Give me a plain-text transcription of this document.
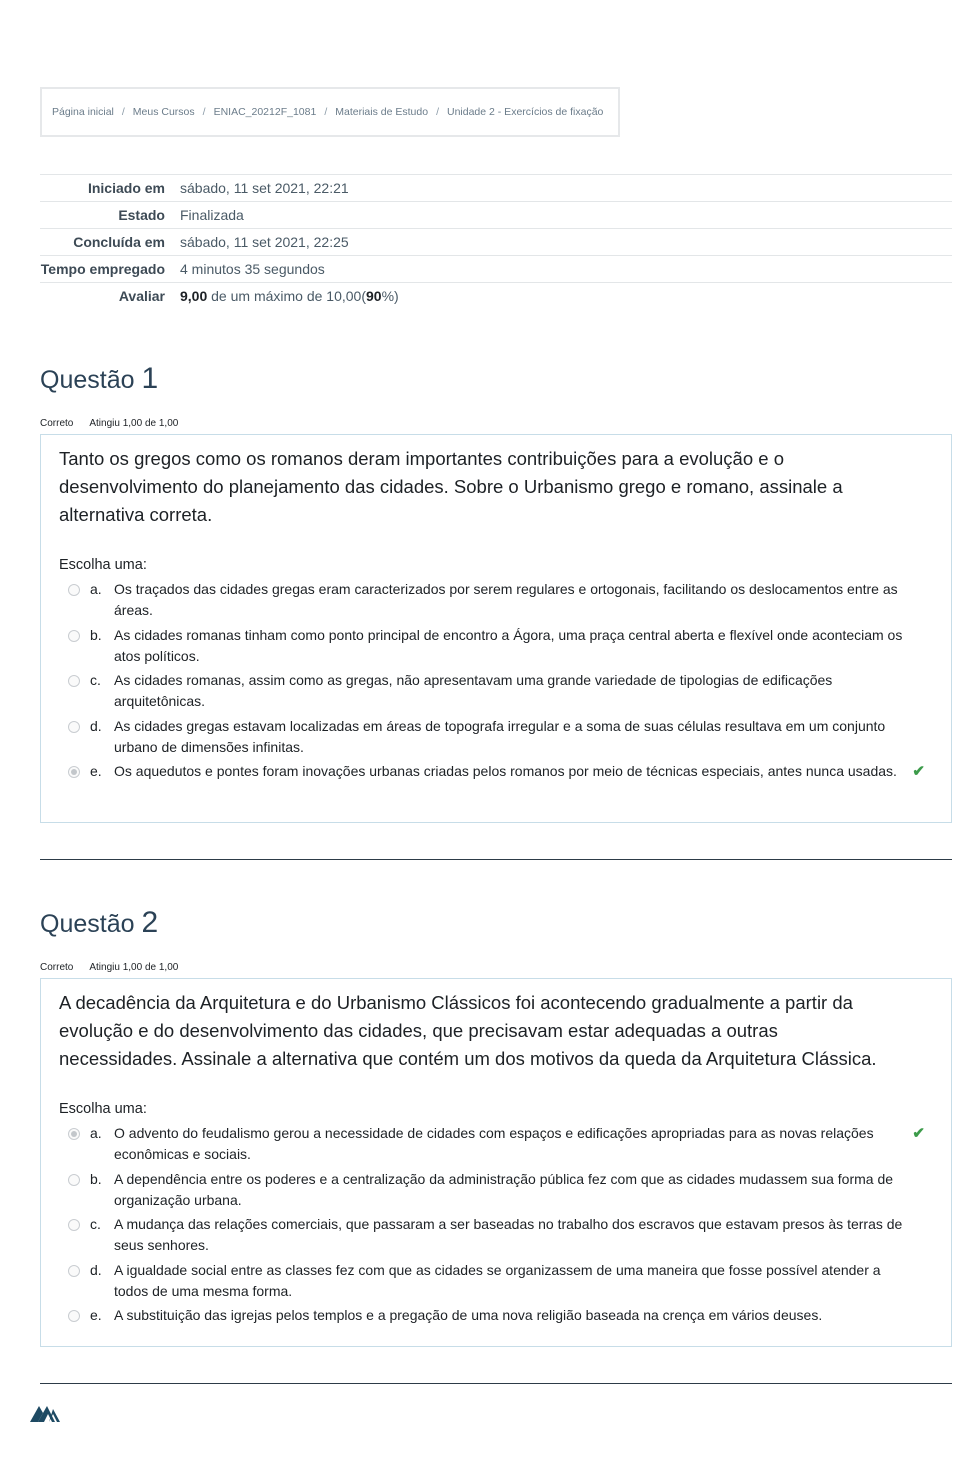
Página inicial / Meus Cursos / ENIAC_20212F_1081 / Materiais de Estudo / Unidade 2 - Exercícios de fixação
Iniciado em	sábado, 11 set 2021, 22:21
Estado	Finalizada
Concluída em	sábado, 11 set 2021, 22:25
Tempo empregado	4 minutos 35 segundos
Avaliar	9,00 de um máximo de 10,00(90%)
Questão 1
Correto Atingiu 1,00 de 1,00
Tanto os gregos como os romanos deram importantes contribuições para a evolução e o desenvolvimento do planejamento das cidades. Sobre o Urbanismo grego e romano, assinale a alternativa correta.
Escolha uma:
a. Os traçados das cidades gregas eram caracterizados por serem regulares e ortogonais, facilitando os deslocamentos entre as áreas.
b. As cidades romanas tinham como ponto principal de encontro a Ágora, uma praça central aberta e flexível onde aconteciam os atos políticos.
c. As cidades romanas, assim como as gregas, não apresentavam uma grande variedade de tipologias de edificações arquitetônicas.
d. As cidades gregas estavam localizadas em áreas de topografa irregular e a soma de suas células resultava em um conjunto urbano de dimensões infinitas.
e. Os aquedutos e pontes foram inovações urbanas criadas pelos romanos por meio de técnicas especiais, antes nunca usadas.	✔
Questão 2
Correto Atingiu 1,00 de 1,00
A decadência da Arquitetura e do Urbanismo Clássicos foi acontecendo gradualmente a partir da evolução e do desenvolvimento das cidades, que precisavam estar adequadas a outras necessidades. Assinale a alternativa que contém um dos motivos da queda da Arquitetura Clássica.
Escolha uma:
a. O advento do feudalismo gerou a necessidade de cidades com espaços e edificações apropriadas para as novas relações econômicas e sociais.
✔
b. A dependência entre os poderes e a centralização da administração pública fez com que as cidades mudassem sua forma de organização urbana.
c. A mudança das relações comerciais, que passaram a ser baseadas no trabalho dos escravos que estavam presos às terras de seus senhores.
d. A igualdade social entre as classes fez com que as cidades se organizassem de uma maneira que fosse possível atender a todos de uma mesma forma.
e. A substituição das igrejas pelos templos e a pregação de uma nova religião baseada na crença em vários deuses.
